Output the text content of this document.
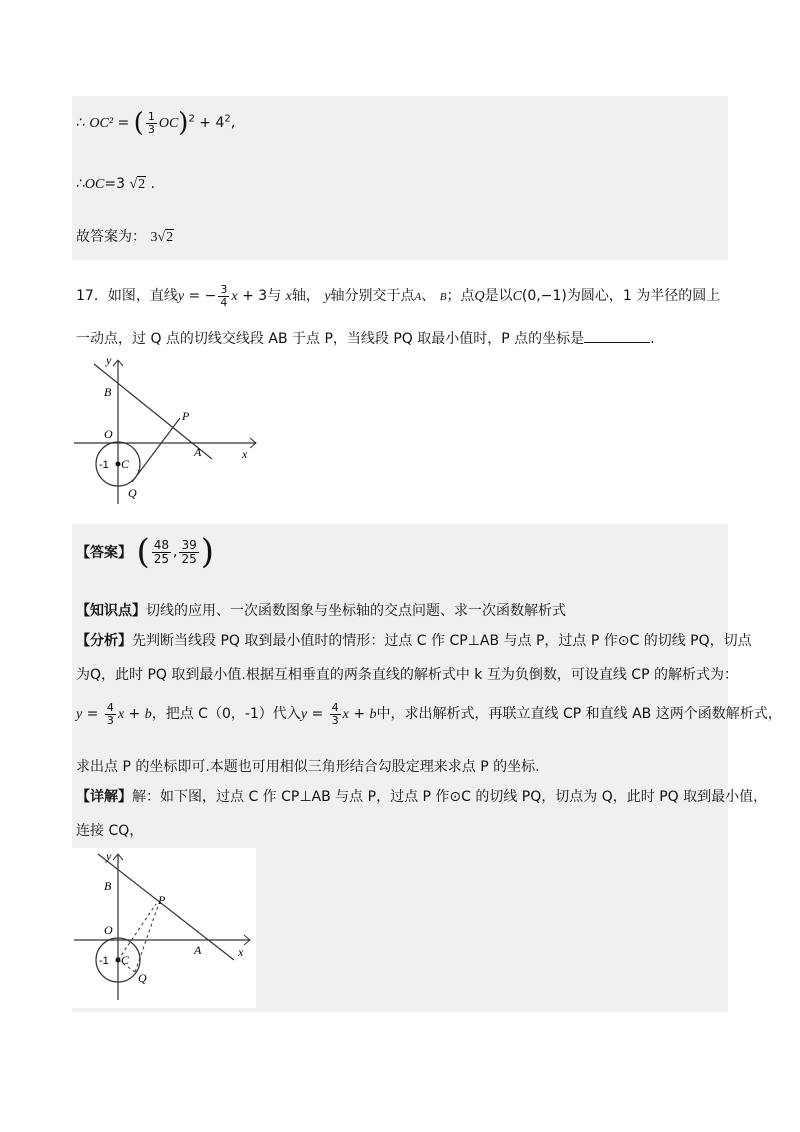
∴ OC² = ( $\frac{1}{3} OC)^2 + 4^2$,
∴OC=3 √2 .
故答案为： 3√2
17．如图，直线y = − $\frac{3}{4}$ x + 3与 x轴， y轴分别交于点A、 B；点Q是以C(0,−1)为圆心，1 为半径的圆上
一动点，过 Q 点的切线交线段 AB 于点 P，当线段 PQ 取最小值时，P 点的坐标是	.
y
x
B
P
O
A
-1 C
Q
【答案】 ( $\frac{48}{25}$ , $\frac{39}{25}$ )
【知识点】切线的应用、一次函数图象与坐标轴的交点问题、求一次函数解析式
【分析】先判断当线段 PQ 取到最小值时的情形：过点 C 作 CP⊥AB 与点 P，过点 P 作⊙C 的切线 PQ，切点
为Q，此时 PQ 取到最小值.根据互相垂直的两条直线的解析式中 k 互为负倒数，可设直线 CP 的解析式为：
$y = \frac{4}{3}$ x + b，把点 C（0，-1）代入$y = \frac{4}{3}$ x + b中，求出解析式，再联立直线 CP 和直线 AB 这两个函数解析式，
求出点 P 的坐标即可.本题也可用相似三角形结合勾股定理来求点 P 的坐标.
【详解】解：如下图，过点 C 作 CP⊥AB 与点 P，过点 P 作⊙C 的切线 PQ，切点为 Q，此时 PQ 取到最小值，
连接 CQ，
y
x
B
P
O
A
-1 C
Q
